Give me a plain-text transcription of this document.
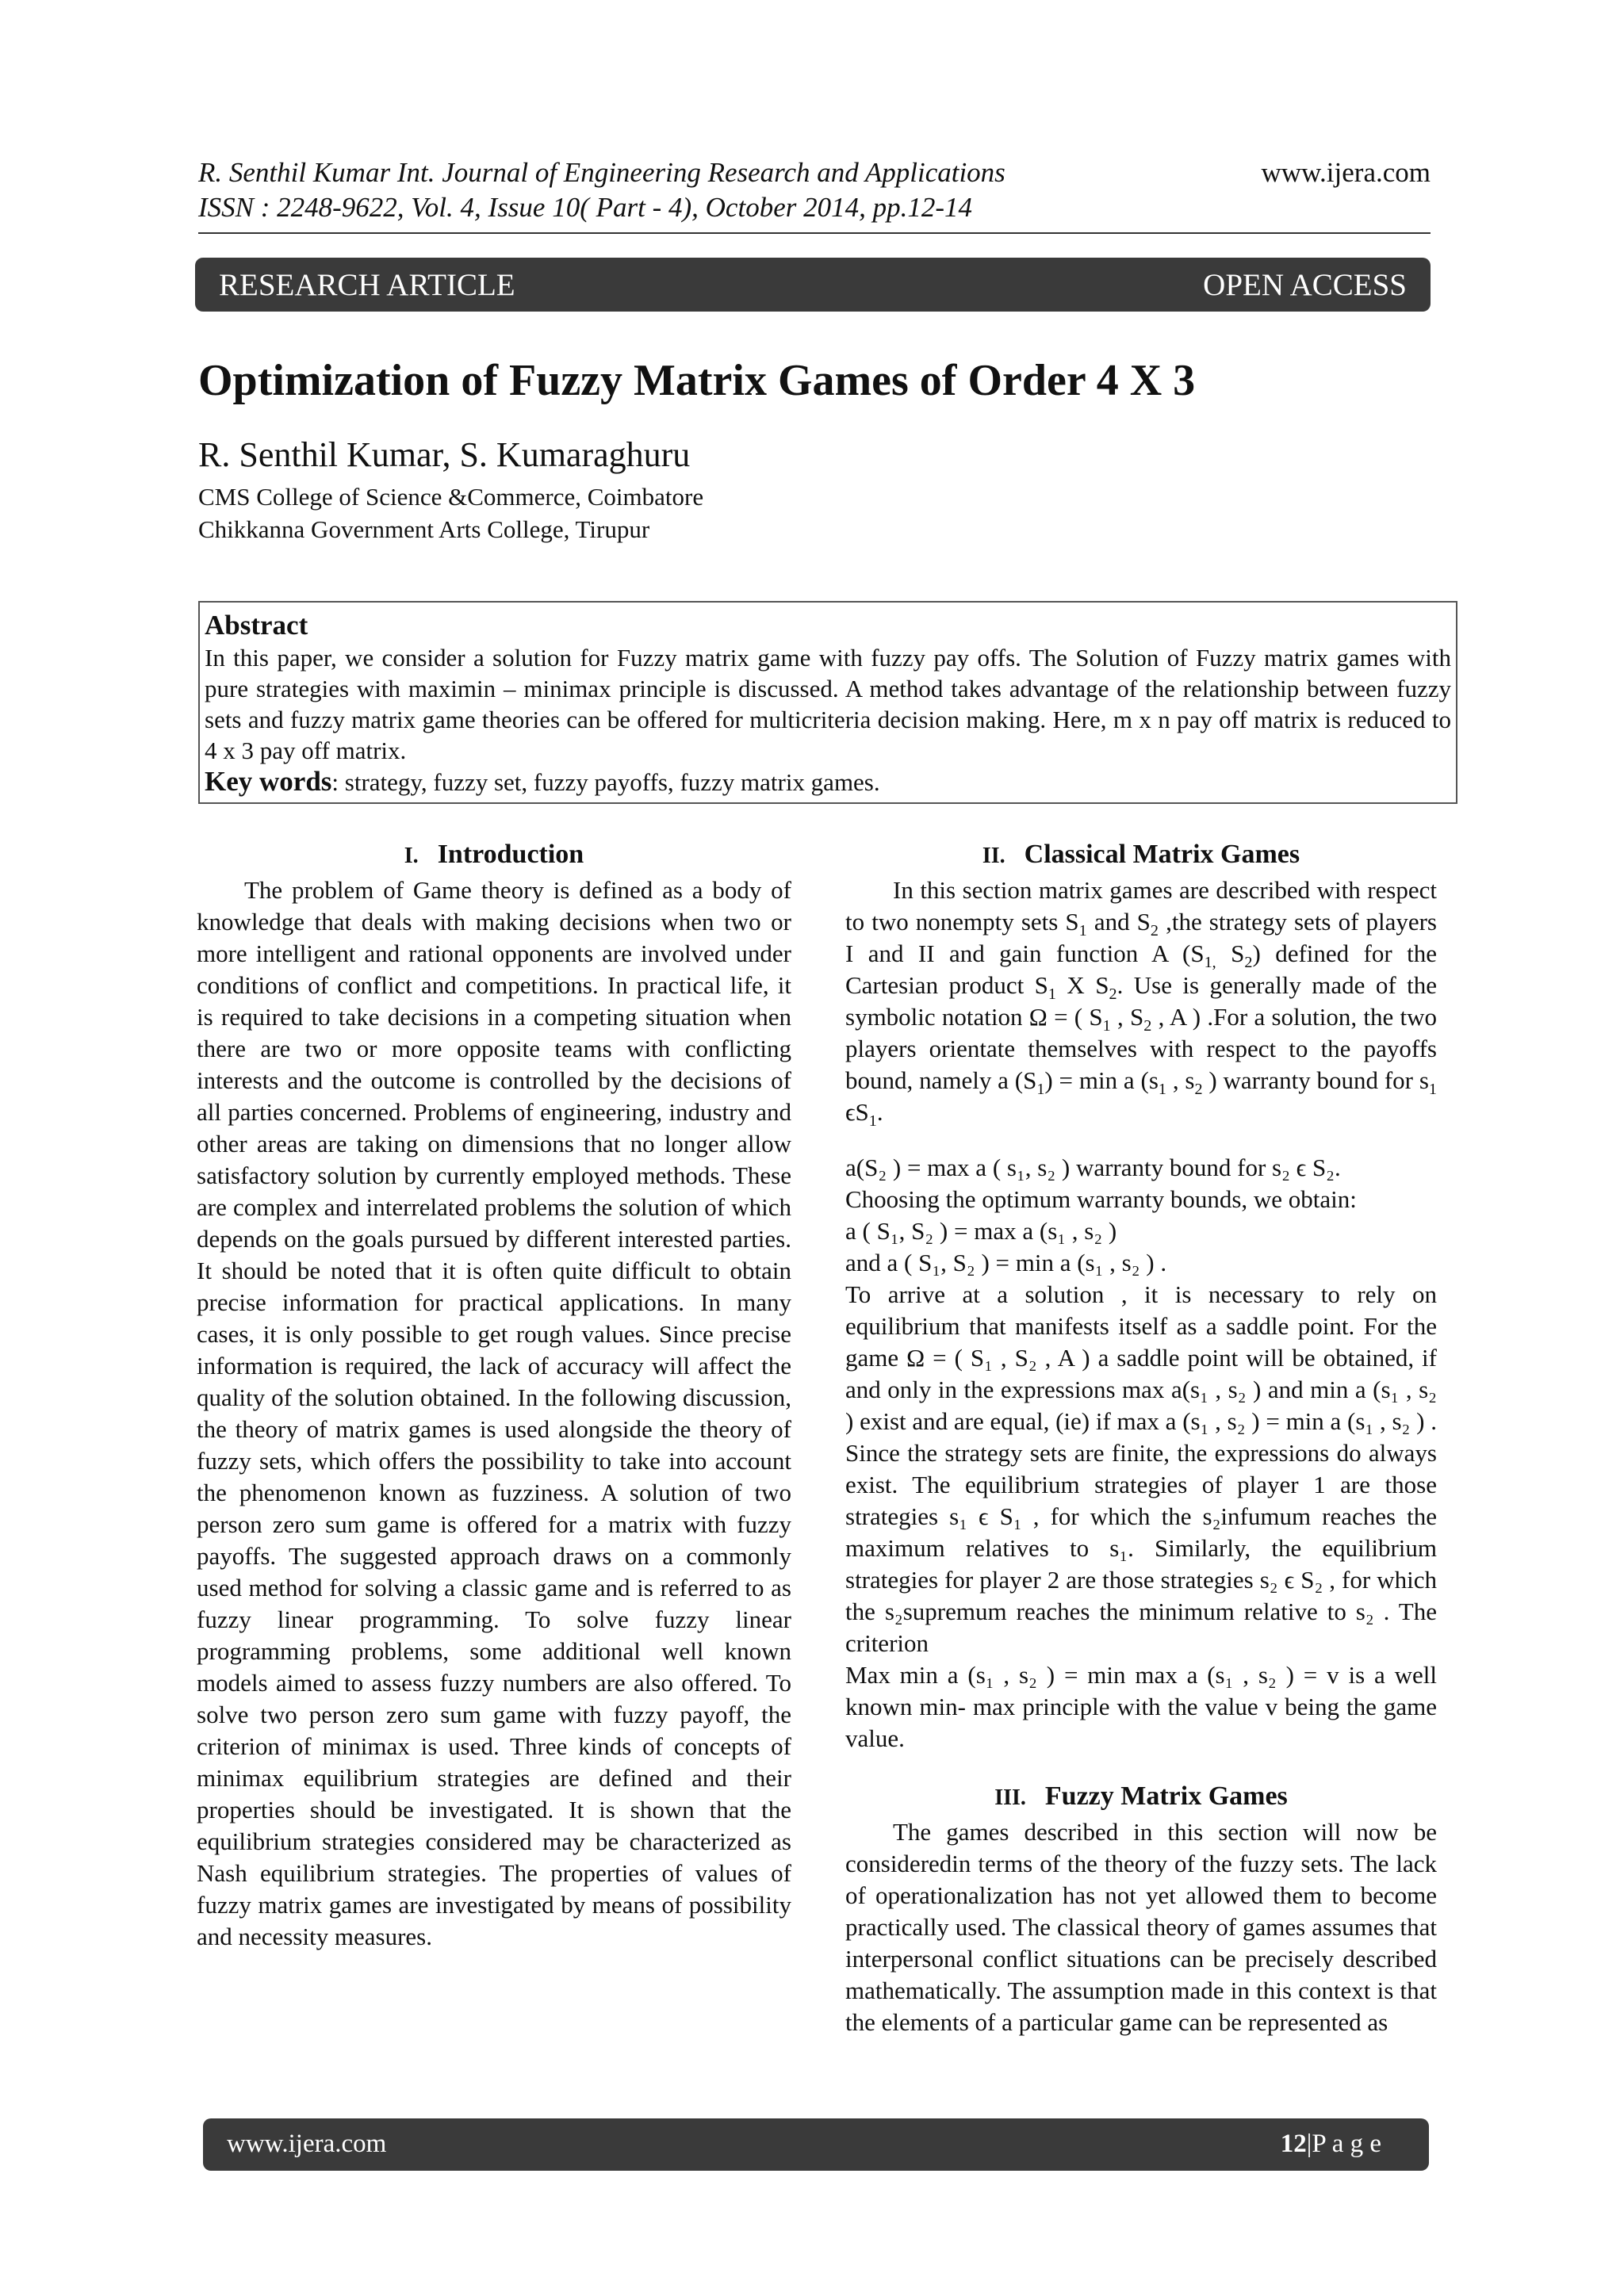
R. Senthil Kumar Int. Journal of Engineering Research and Applications
ISSN : 2248-9622, Vol. 4, Issue 10( Part - 4), October 2014, pp.12-14
www.ijera.com
RESEARCH ARTICLE	OPEN ACCESS
Optimization of Fuzzy Matrix Games of Order 4 X 3
R. Senthil Kumar, S. Kumaraghuru
CMS College of Science &Commerce, Coimbatore
Chikkanna Government Arts College, Tirupur
Abstract
In this paper, we consider a solution for Fuzzy matrix game with fuzzy pay offs. The Solution of Fuzzy matrix games with pure strategies with maximin – minimax principle is discussed. A method takes advantage of the relationship between fuzzy sets and fuzzy matrix game theories can be offered for multicriteria decision making. Here, m x n pay off matrix is reduced to 4 x 3 pay off matrix.
Key words: strategy, fuzzy set, fuzzy payoffs, fuzzy matrix games.
I. Introduction

The problem of Game theory is defined as a body of knowledge that deals with making decisions when two or more intelligent and rational opponents are involved under conditions of conflict and competitions. In practical life, it is required to take decisions in a competing situation when there are two or more opposite teams with conflicting interests and the outcome is controlled by the decisions of all parties concerned. Problems of engineering, industry and other areas are taking on dimensions that no longer allow satisfactory solution by currently employed methods. These are complex and interrelated problems the solution of which depends on the goals pursued by different interested parties. It should be noted that it is often quite difficult to obtain precise information for practical applications. In many cases, it is only possible to get rough values. Since precise information is required, the lack of accuracy will affect the quality of the solution obtained. In the following discussion, the theory of matrix games is used alongside the theory of fuzzy sets, which offers the possibility to take into account the phenomenon known as fuzziness. A solution of two person zero sum game is offered for a matrix with fuzzy payoffs. The suggested approach draws on a commonly used method for solving a classic game and is referred to as fuzzy linear programming. To solve fuzzy linear programming problems, some additional well known models aimed to assess fuzzy numbers are also offered. To solve two person zero sum game with fuzzy payoff, the criterion of minimax is used. Three kinds of concepts of minimax equilibrium strategies are defined and their properties should be investigated. It is shown that the equilibrium strategies considered may be characterized as Nash equilibrium strategies. The properties of values of fuzzy matrix games are investigated by means of possibility and necessity measures.

II. Classical Matrix Games

In this section matrix games are described with respect to two nonempty sets $S_1$ and $S_2$ ,the strategy sets of players I and II and gain function A ($S_{1,}$ $S_2$) defined for the Cartesian product $S_1$ X $S_2$. Use is generally made of the symbolic notation Ω = ( $S_1$ , $S_2$ , A ) .For a solution, the two players orientate themselves with respect to the payoffs bound, namely a $(S_1) = \min a$ ($s_1$ , $s_2$ ) warranty bound for $s_1$ $\epsilon S_1$.

a(S₂ ) = max a ( s₁, s₂ ) warranty bound for s₂ ϵ S₂.

Choosing the optimum warranty bounds, we obtain:

a ( S₁, S₂ ) = max a (s₁ , s₂ )

and a ( S₁, S₂ ) = min a (s₁ , s₂ ) .

To arrive at a solution , it is necessary to rely on equilibrium that manifests itself as a saddle point. For the game Ω = ( S₁ , S₂ , A ) a saddle point will be obtained, if and only in the expressions max a(s₁ , s₂ ) and min a (s₁ , s₂ ) exist and are equal, (ie) if max a (s₁ , s₂ ) = min a (s₁ , s₂ ) .

Since the strategy sets are finite, the expressions do always exist. The equilibrium strategies of player 1 are those strategies s₁ ϵ S₁ , for which the s₂infumum reaches the maximum relatives to s₁. Similarly, the equilibrium strategies for player 2 are those strategies s₂ ϵ S₂ , for which the s₂supremum reaches the minimum relative to s₂ . The criterion

Max min a (s₁ , s₂ ) = min max a (s₁ , s₂ ) = v is a well known min- max principle with the value v being the game value.

III. Fuzzy Matrix Games

The games described in this section will now be consideredin terms of the theory of the fuzzy sets. The lack of operationalization has not yet allowed them to become practically used. The classical theory of games assumes that interpersonal conflict situations can be precisely described mathematically. The assumption made in this context is that the elements of a particular game can be represented as

www.ijera.com	12|P a g e
